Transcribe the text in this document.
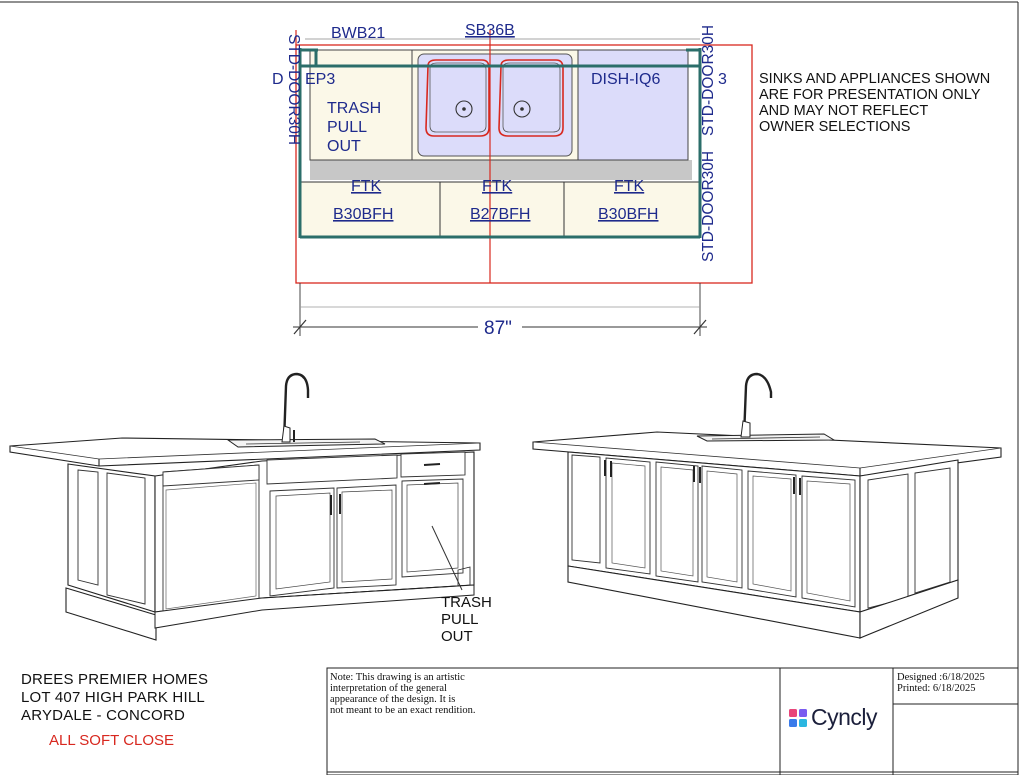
BWB21	SB36B
D EP3
TRASH
PULL
OUT
DISH-IQ6	3
FTK
B30BFH
FTK
B27BFH
FTK
B30BFH
STD-DOOR30H	STD-DOOR30H
STD-DOOR30H
87"
SINKS AND APPLIANCES SHOWN
ARE FOR PRESENTATION ONLY
AND MAY NOT REFLECT
OWNER SELECTIONS
TRASH
PULL
OUT
DREES PREMIER HOMES
LOT 407 HIGH PARK HILL
ARYDALE - CONCORD
ALL SOFT CLOSE
Note: This drawing is an artistic
interpretation of the general
appearance of the design. It is
not meant to be an exact rendition.	Cyncly
Designed :6/18/2025
Printed: 6/18/2025
